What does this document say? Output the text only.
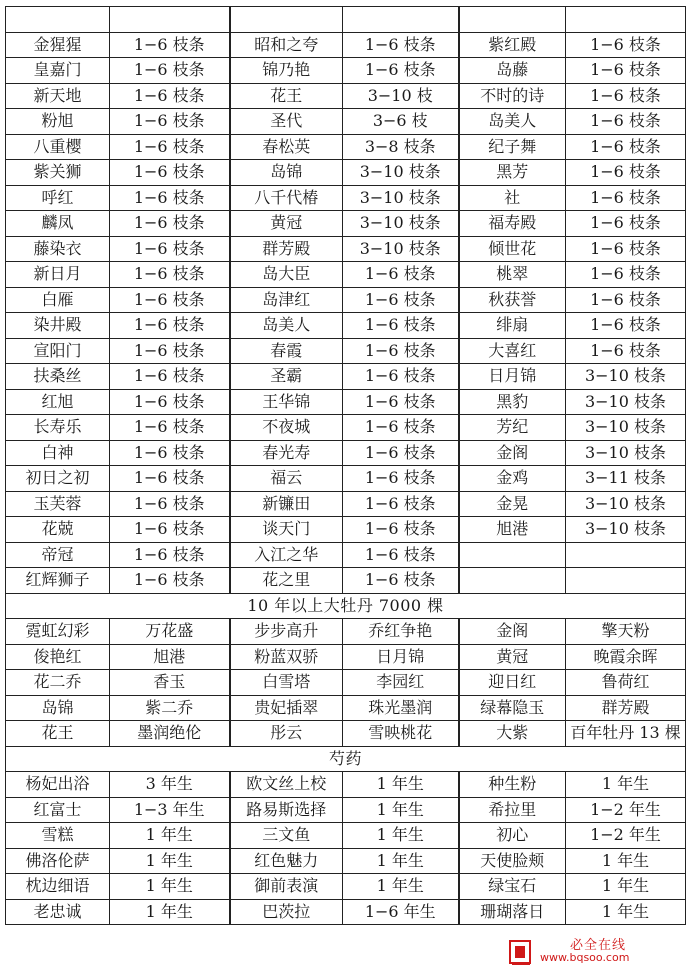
金猩猩	1−6 枝条	昭和之夸	1−6 枝条	紫红殿	1−6 枝条
皇嘉门	1−6 枝条	锦乃艳	1−6 枝条	岛藤	1−6 枝条
新天地	1−6 枝条	花王	3−10 枝	不时的诗	1−6 枝条
粉旭	1−6 枝条	圣代	3−6 枝	岛美人	1−6 枝条
八重樱	1−6 枝条	春松英	3−8 枝条	纪子舞	1−6 枝条
紫关狮	1−6 枝条	岛锦	3−10 枝条	黑芳	1−6 枝条
呼红	1−6 枝条	八千代椿	3−10 枝条	社	1−6 枝条
麟凤	1−6 枝条	黄冠	3−10 枝条	福寿殿	1−6 枝条
藤染衣	1−6 枝条	群芳殿	3−10 枝条	倾世花	1−6 枝条
新日月	1−6 枝条	岛大臣	1−6 枝条	桃翠	1−6 枝条
白雁	1−6 枝条	岛津红	1−6 枝条	秋获誉	1−6 枝条
染井殿	1−6 枝条	岛美人	1−6 枝条	绯扇	1−6 枝条
宣阳门	1−6 枝条	春霞	1−6 枝条	大喜红	1−6 枝条
扶桑丝	1−6 枝条	圣霸	1−6 枝条	日月锦	3−10 枝条
红旭	1−6 枝条	王华锦	1−6 枝条	黑豹	3−10 枝条
长寿乐	1−6 枝条	不夜城	1−6 枝条	芳纪	3−10 枝条
白神	1−6 枝条	春光寿	1−6 枝条	金阁	3−10 枝条
初日之初	1−6 枝条	福云	1−6 枝条	金鸡	3−11 枝条
玉芙蓉	1−6 枝条	新镰田	1−6 枝条	金晃	3−10 枝条
花兢	1−6 枝条	谈天门	1−6 枝条	旭港	3−10 枝条
帝冠	1−6 枝条	入江之华	1−6 枝条		
红辉狮子	1−6 枝条	花之里	1−6 枝条		
10 年以上大牡丹 7000 棵					
霓虹幻彩	万花盛	步步高升	乔红争艳	金阁	擎天粉
俊艳红	旭港	粉蓝双骄	日月锦	黄冠	晚霞余晖
花二乔	香玉	白雪塔	李园红	迎日红	鲁荷红
岛锦	紫二乔	贵妃插翠	珠光墨润	绿幕隐玉	群芳殿
花王	墨润绝伦	彤云	雪映桃花	大紫	百年牡丹 13 棵
芍药					
杨妃出浴	3 年生	欧文丝上校	1 年生	种生粉	1 年生
红富士	1−3 年生	路易斯选择	1 年生	希拉里	1−2 年生
雪糕	1 年生	三文鱼	1 年生	初心	1−2 年生
佛洛伦萨	1 年生	红色魅力	1 年生	天使脸颊	1 年生
枕边细语	1 年生	御前表演	1 年生	绿宝石	1 年生
老忠诚	1 年生	巴茨拉	1−6 年生	珊瑚落日	1 年生
必全在线
www.bqsoo.com
